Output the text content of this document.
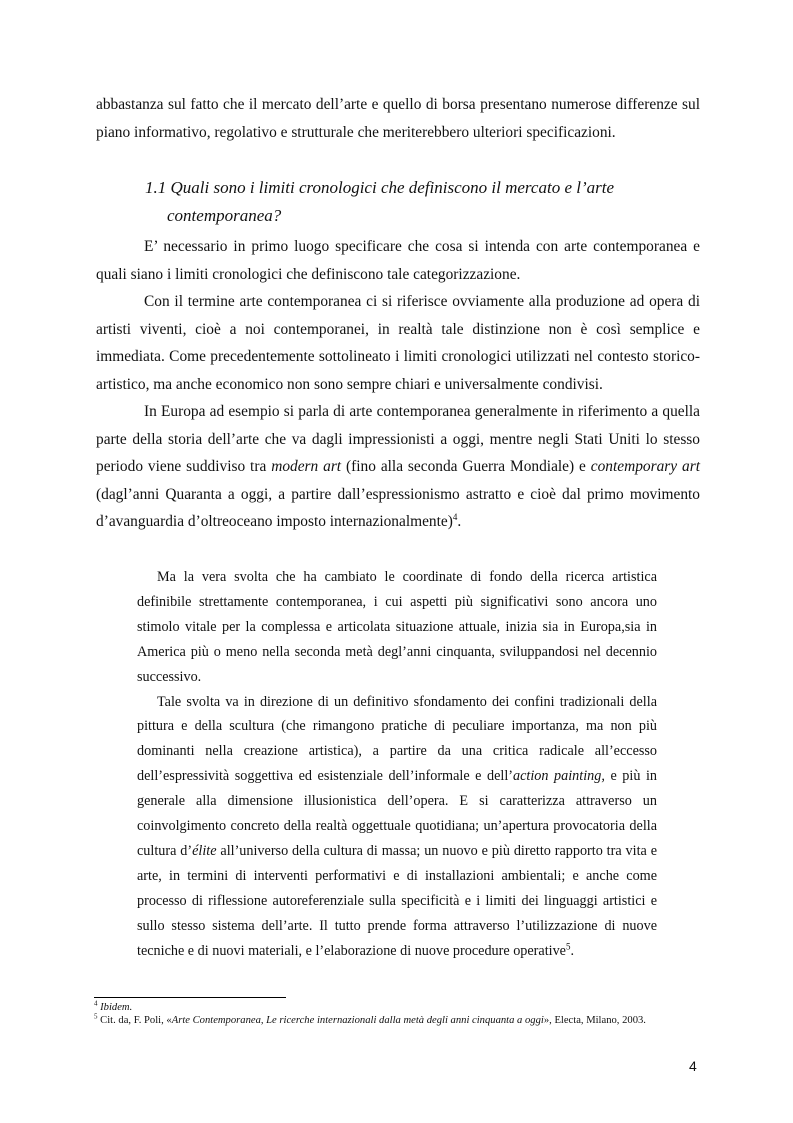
abbastanza sul fatto che il mercato dell’arte e quello di borsa presentano numerose differenze sul piano informativo, regolativo e strutturale che meriterebbero ulteriori specificazioni.

1.1 Quali sono i limiti cronologici che definiscono il mercato e l’arte
contemporanea?

E’ necessario in primo luogo specificare che cosa si intenda con arte contemporanea e quali siano i limiti cronologici che definiscono tale categorizzazione.

Con il termine arte contemporanea ci si riferisce ovviamente alla produzione ad opera di artisti viventi, cioè a noi contemporanei, in realtà tale distinzione non è così semplice e immediata. Come precedentemente sottolineato i limiti cronologici utilizzati nel contesto storico-artistico, ma anche economico non sono sempre chiari e universalmente condivisi.

In Europa ad esempio si parla di arte contemporanea generalmente in riferimento a quella parte della storia dell’arte che va dagli impressionisti a oggi, mentre negli Stati Uniti lo stesso periodo viene suddiviso tra modern art (fino alla seconda Guerra Mondiale) e contemporary art (dagl’anni Quaranta a oggi, a partire dall’espressionismo astratto e cioè dal primo movimento d’avanguardia d’oltreoceano imposto internazionalmente)$^4$.

Ma la vera svolta che ha cambiato le coordinate di fondo della ricerca artistica definibile strettamente contemporanea, i cui aspetti più significativi sono ancora uno stimolo vitale per la complessa e articolata situazione attuale, inizia sia in Europa,sia in America più o meno nella seconda metà degl’anni cinquanta, sviluppandosi nel decennio successivo.

Tale svolta va in direzione di un definitivo sfondamento dei confini tradizionali della pittura e della scultura (che rimangono pratiche di peculiare importanza, ma non più dominanti nella creazione artistica), a partire da una critica radicale all’eccesso dell’espressività soggettiva ed esistenziale dell’informale e dell’action painting, e più in generale alla dimensione illusionistica dell’opera. E si caratterizza attraverso un coinvolgimento concreto della realtà oggettuale quotidiana; un’apertura provocatoria della cultura d’élite all’universo della cultura di massa; un nuovo e più diretto rapporto tra vita e arte, in termini di interventi performativi e di installazioni ambientali; e anche come processo di riflessione autoreferenziale sulla specificità e i limiti dei linguaggi artistici e sullo stesso sistema dell’arte. Il tutto prende forma attraverso l’utilizzazione di nuove tecniche e di nuovi materiali, e l’elaborazione di nuove procedure operative$^5$.

$^4$ Ibidem.

$^5$ Cit. da, F. Poli, «Arte Contemporanea, Le ricerche internazionali dalla metà degli anni cinquanta a oggi», Electa, Milano, 2003.

4
